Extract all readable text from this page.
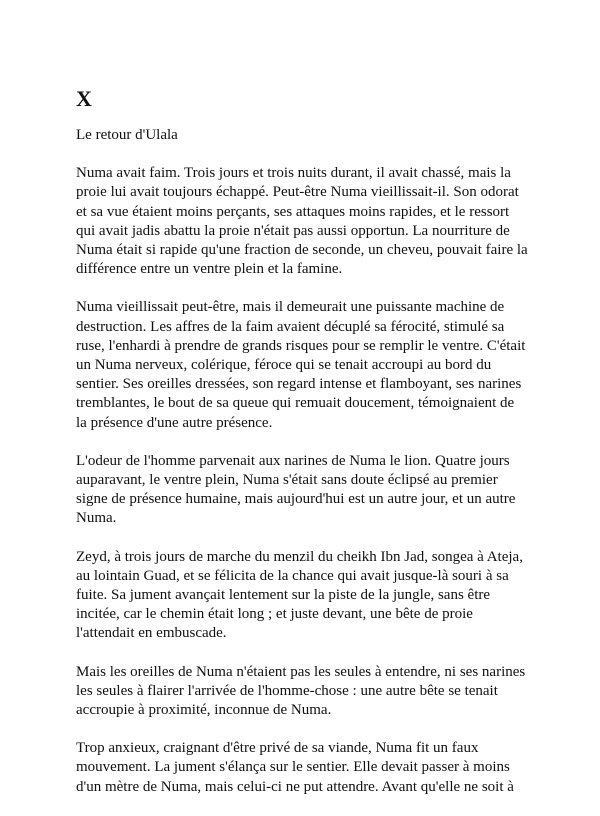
X
Le retour d'Ulala

Numa avait faim. Trois jours et trois nuits durant, il avait chassé, mais la proie lui avait toujours échappé. Peut-être Numa vieillissait-il. Son odorat et sa vue étaient moins perçants, ses attaques moins rapides, et le ressort qui avait jadis abattu la proie n'était pas aussi opportun. La nourriture de Numa était si rapide qu'une fraction de seconde, un cheveu, pouvait faire la différence entre un ventre plein et la famine.

Numa vieillissait peut-être, mais il demeurait une puissante machine de destruction. Les affres de la faim avaient décuplé sa férocité, stimulé sa ruse, l'enhardi à prendre de grands risques pour se remplir le ventre. C'était un Numa nerveux, colérique, féroce qui se tenait accroupi au bord du sentier. Ses oreilles dressées, son regard intense et flamboyant, ses narines tremblantes, le bout de sa queue qui remuait doucement, témoignaient de la présence d'une autre présence.

L'odeur de l'homme parvenait aux narines de Numa le lion. Quatre jours auparavant, le ventre plein, Numa s'était sans doute éclipsé au premier signe de présence humaine, mais aujourd'hui est un autre jour, et un autre Numa.

Zeyd, à trois jours de marche du menzil du cheikh Ibn Jad, songea à Ateja, au lointain Guad, et se félicita de la chance qui avait jusque-là souri à sa fuite. Sa jument avançait lentement sur la piste de la jungle, sans être incitée, car le chemin était long ; et juste devant, une bête de proie l'attendait en embuscade.

Mais les oreilles de Numa n'étaient pas les seules à entendre, ni ses narines les seules à flairer l'arrivée de l'homme-chose : une autre bête se tenait accroupie à proximité, inconnue de Numa.

Trop anxieux, craignant d'être privé de sa viande, Numa fit un faux mouvement. La jument s'élança sur le sentier. Elle devait passer à moins d'un mètre de Numa, mais celui-ci ne put attendre. Avant qu'elle ne soit à
